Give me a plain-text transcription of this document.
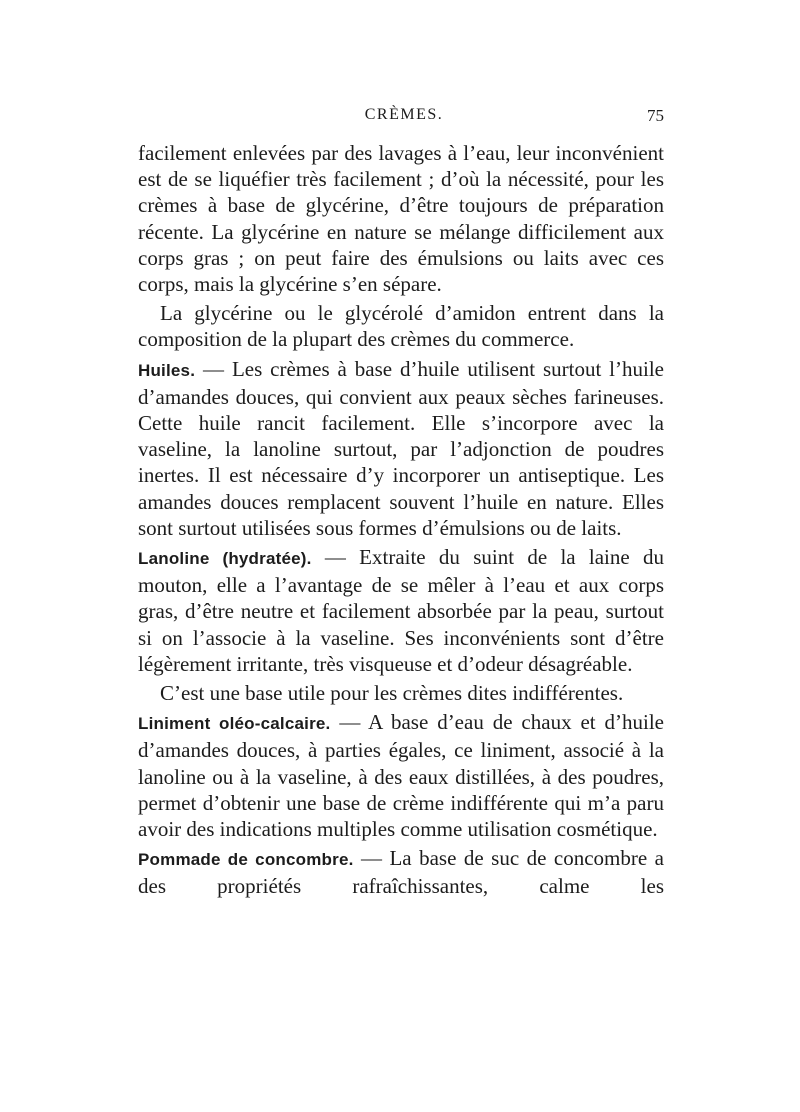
CRÈMES.	75

facilement enlevées par des lavages à l’eau, leur inconvénient est de se liquéfier très facilement ; d’où la nécessité, pour les crèmes à base de glycérine, d’être toujours de préparation récente. La glycérine en nature se mélange difficilement aux corps gras ; on peut faire des émulsions ou laits avec ces corps, mais la glycérine s’en sépare.

La glycérine ou le glycérolé d’amidon entrent dans la composition de la plupart des crèmes du commerce.

Huiles. — Les crèmes à base d’huile utilisent surtout l’huile d’amandes douces, qui convient aux peaux sèches farineuses. Cette huile rancit facilement. Elle s’incorpore avec la vaseline, la lanoline surtout, par l’adjonction de poudres inertes. Il est nécessaire d’y incorporer un antiseptique. Les amandes douces remplacent souvent l’huile en nature. Elles sont surtout utilisées sous formes d’émulsions ou de laits.

Lanoline (hydratée). — Extraite du suint de la laine du mouton, elle a l’avantage de se mêler à l’eau et aux corps gras, d’être neutre et facilement absorbée par la peau, surtout si on l’associe à la vaseline. Ses inconvénients sont d’être légèrement irritante, très visqueuse et d’odeur désagréable.

C’est une base utile pour les crèmes dites indifférentes.

Liniment oléo-calcaire. — A base d’eau de chaux et d’huile d’amandes douces, à parties égales, ce liniment, associé à la lanoline ou à la vaseline, à des eaux distillées, à des poudres, permet d’obtenir une base de crème indifférente qui m’a paru avoir des indications multiples comme utilisation cosmétique.

Pommade de concombre. — La base de suc de concombre a des propriétés rafraîchissantes, calme les
